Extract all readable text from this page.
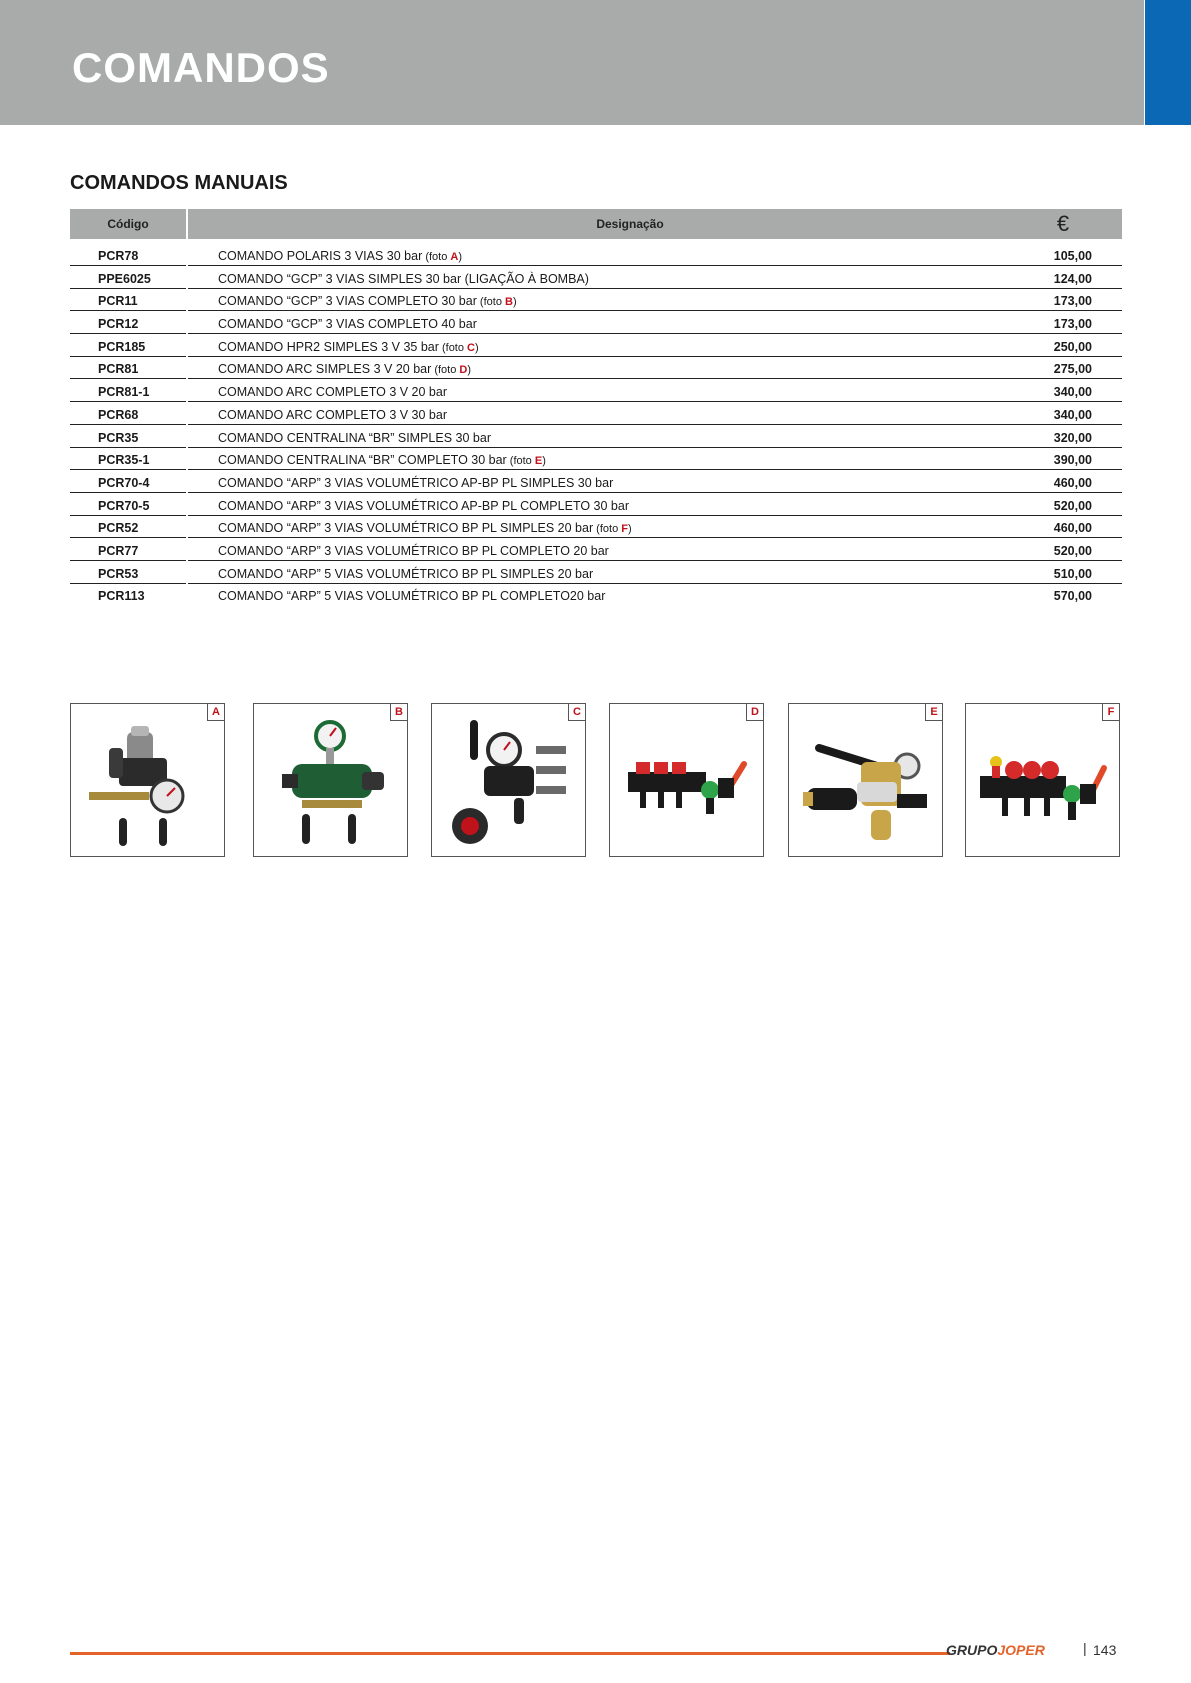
COMANDOS
COMANDOS MANUAIS
Código	Designação	€
PCR78	COMANDO POLARIS 3 VIAS 30 bar (foto A)	105,00
PPE6025	COMANDO “GCP” 3 VIAS SIMPLES 30 bar (LIGAÇÃO À BOMBA)	124,00
PCR11	COMANDO “GCP” 3 VIAS COMPLETO 30 bar (foto B)	173,00
PCR12	COMANDO “GCP” 3 VIAS COMPLETO 40 bar	173,00
PCR185	COMANDO HPR2 SIMPLES 3 V 35 bar (foto C)	250,00
PCR81	COMANDO ARC SIMPLES 3 V 20 bar (foto D)	275,00
PCR81-1	COMANDO ARC COMPLETO 3 V 20 bar	340,00
PCR68	COMANDO ARC COMPLETO 3 V 30 bar	340,00
PCR35	COMANDO CENTRALINA “BR” SIMPLES 30 bar	320,00
PCR35-1	COMANDO CENTRALINA “BR” COMPLETO 30 bar (foto E)	390,00
PCR70-4	COMANDO “ARP” 3 VIAS VOLUMÉTRICO AP-BP PL SIMPLES 30 bar	460,00
PCR70-5	COMANDO “ARP” 3 VIAS VOLUMÉTRICO AP-BP PL COMPLETO 30 bar	520,00
PCR52	COMANDO “ARP” 3 VIAS VOLUMÉTRICO BP PL SIMPLES 20 bar (foto F)	460,00
PCR77	COMANDO “ARP” 3 VIAS VOLUMÉTRICO BP PL COMPLETO 20 bar	520,00
PCR53	COMANDO “ARP” 5 VIAS VOLUMÉTRICO BP PL SIMPLES 20 bar	510,00
PCR113	COMANDO “ARP” 5 VIAS VOLUMÉTRICO BP PL COMPLETO20 bar	570,00
A	B	C	D	E	F
GRUPOJOPER	| 143
